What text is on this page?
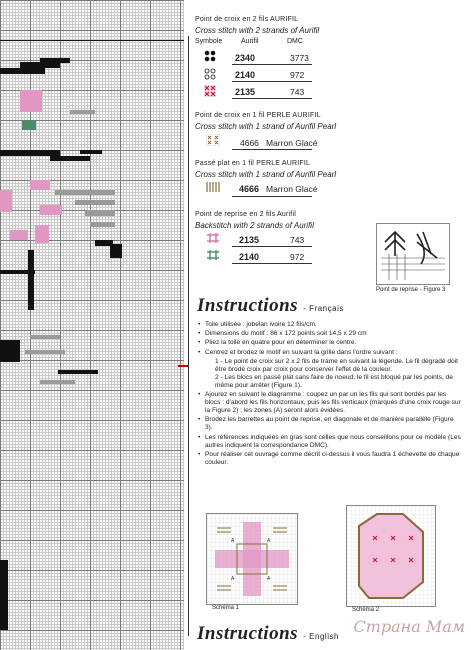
Point de croix en 2 fils AURIFIL
Cross stitch with 2 strands of Aurifil
Symbole	Aurifil	DMC
2340	3773
2140	972
2135	743
Point de croix en 1 fil PERLE AURIFIL
Cross stitch with 1 strand of Aurifil Pearl
4666 Marron Glacé
Passé plat en 1 fil PERLE AURIFIL
Cross stitch with 1 strand of Aurifil Pearl
4666 Marron Glacé
Point de reprise en 2 fils Aurifil
Backstitch with 2 strands of Aurifil
2135	743
2140	972
Point de reprise - Figure 3
Instructions - Français
• Toile utilisée : jobelan ivoire 12 fils/cm.
• Dimensions du motif : 86 x 172 points soit 14,5 x 29 cm
• Pliez la toile en quatre pour en déterminer le centre.
• Centrez et brodez le motif en suivant la grille dans l'ordre suivant :
1 - Le point de croix sur 2 x 2 fils de trame en suivant la légende. Le fil dégradé doit être brodé croix par croix pour conserver l'effet de la couleur.
2 - Les blocs en passé plat sans faire de noeud, le fil est bloqué par les points, de même pour arrêter (Figure 1).
• Ajourez en suivant le diagramme : coupez un par un les fils qui sont bordés par les blocs : d'abord les fils horizontaux, puis les fils verticaux (marqués d'une croix rouge sur la Figure 2) ; les zones (A) seront alors évidées.
• Brodez les barrettes au point de reprise, en diagonale et de manière parallèle (Figure 3).
• Les références indiquées en gras sont celles que nous conseillons pour ce modèle (Les autres indiquent la correspondance DMC).
• Pour réaliser cet ouvrage comme décrit ci-dessus il vous faudra 1 échevette de chaque couleur.
A	A
A	A
Schéma 1	Schéma 2
Instructions - English
Страна Мам
